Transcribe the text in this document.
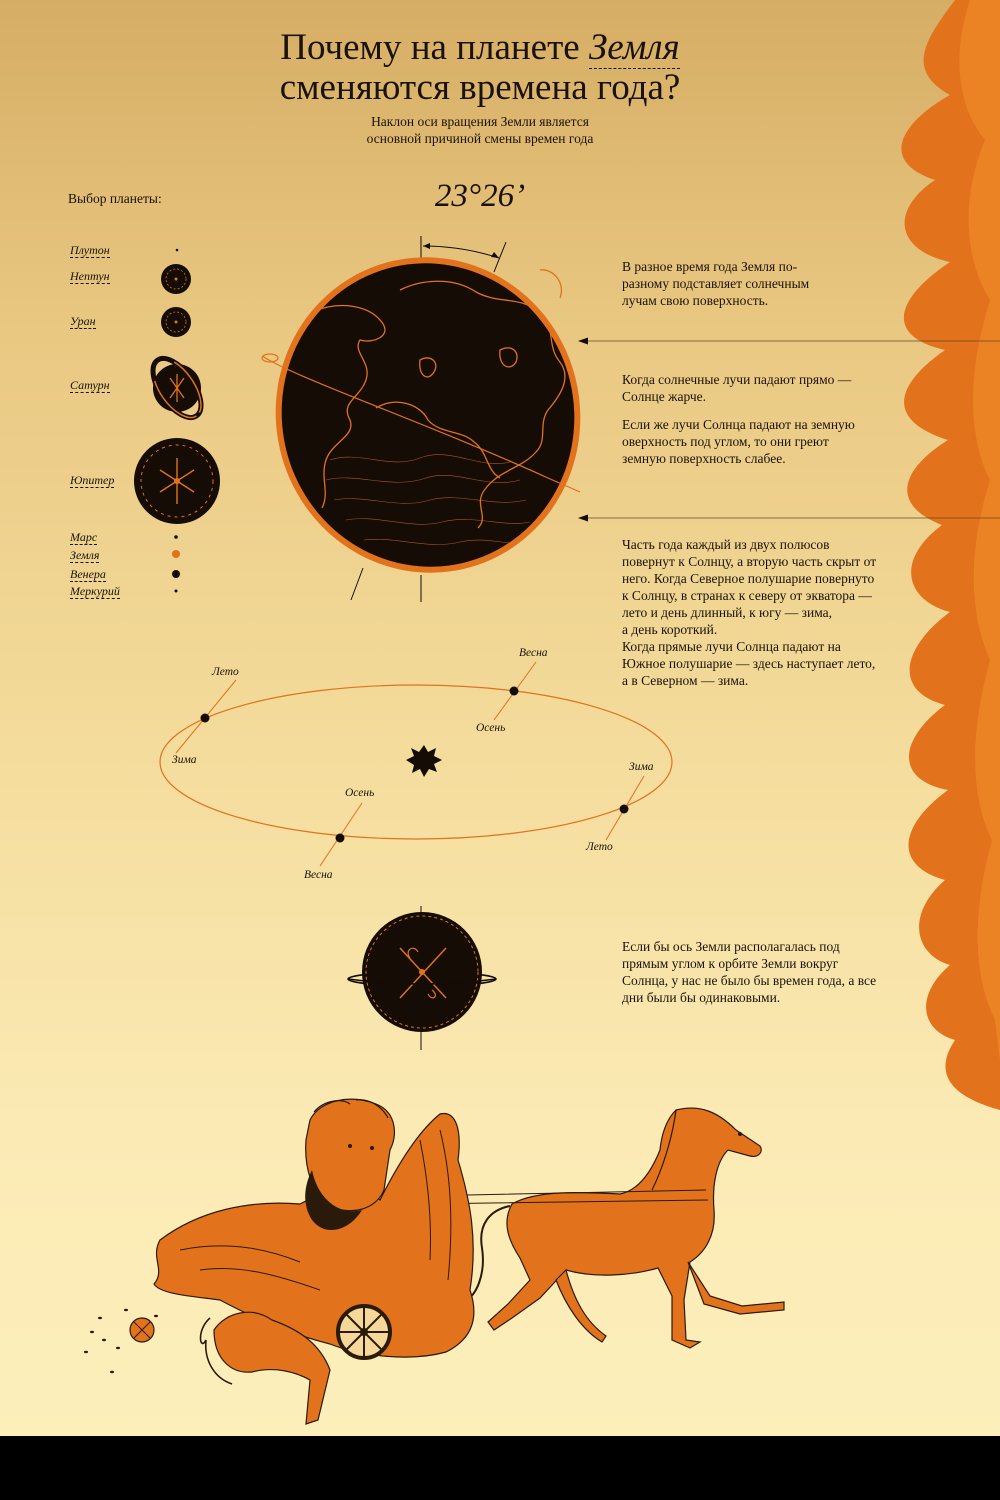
Почему на планете Земля
сменяются времена года?
Наклон оси вращения Земли является
основной причиной смены времен года
23°26’
Выбор планеты:
Плутон
Нептун
Уран
Сатурн
Юпитер
Марс
Земля
Венера
Меркурий
В разное время года Земля по-разному подставляет солнечным лучам свою поверхность.
Когда солнечные лучи падают прямо — Солнце жарче.
Если же лучи Солнца падают на земную оверхность под углом, то они греют земную поверхность слабее.
Часть года каждый из двух полюсов повернут к Солнцу, а вторую часть скрыт от него. Когда Северное полушарие повернуто к Солнцу, в странах к северу от экватора — лето и день длинный, к югу — зима,
а день короткий.
Когда прямые лучи Солнца падают на Южное полушарие — здесь наступает лето, а в Северном — зима.
Если бы ось Земли располагалась под прямым углом к орбите Земли вокруг Солнца, у нас не было бы времен года, а все дни были бы одинаковыми.
Лето
Зима
Весна
Осень
Зима
Лето
Весна
Осень
